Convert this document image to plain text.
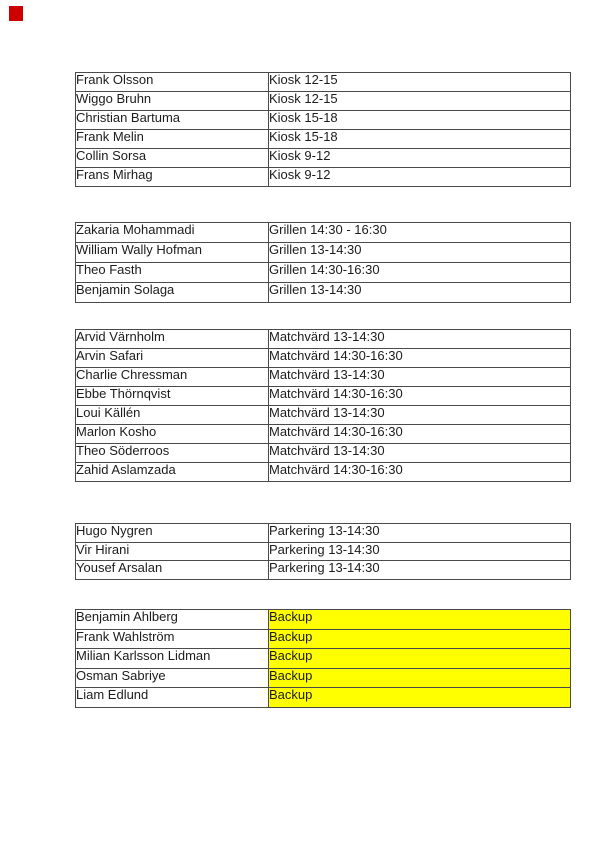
Frank Olsson	Kiosk 12-15
Wiggo Bruhn	Kiosk 12-15
Christian Bartuma	Kiosk 15-18
Frank Melin	Kiosk 15-18
Collin Sorsa	Kiosk 9-12
Frans Mirhag	Kiosk 9-12
Zakaria Mohammadi	Grillen 14:30 - 16:30
William Wally Hofman	Grillen 13-14:30
Theo Fasth	Grillen 14:30-16:30
Benjamin Solaga	Grillen 13-14:30
Arvid Värnholm	Matchvärd 13-14:30
Arvin Safari	Matchvärd 14:30-16:30
Charlie Chressman	Matchvärd 13-14:30
Ebbe Thörnqvist	Matchvärd 14:30-16:30
Loui Källén	Matchvärd 13-14:30
Marlon Kosho	Matchvärd 14:30-16:30
Theo Söderroos	Matchvärd 13-14:30
Zahid Aslamzada	Matchvärd 14:30-16:30
Hugo Nygren	Parkering 13-14:30
Vir Hirani	Parkering 13-14:30
Yousef Arsalan	Parkering 13-14:30
Benjamin Ahlberg	Backup
Frank Wahlström	Backup
Milian Karlsson Lidman	Backup
Osman Sabriye	Backup
Liam Edlund	Backup
